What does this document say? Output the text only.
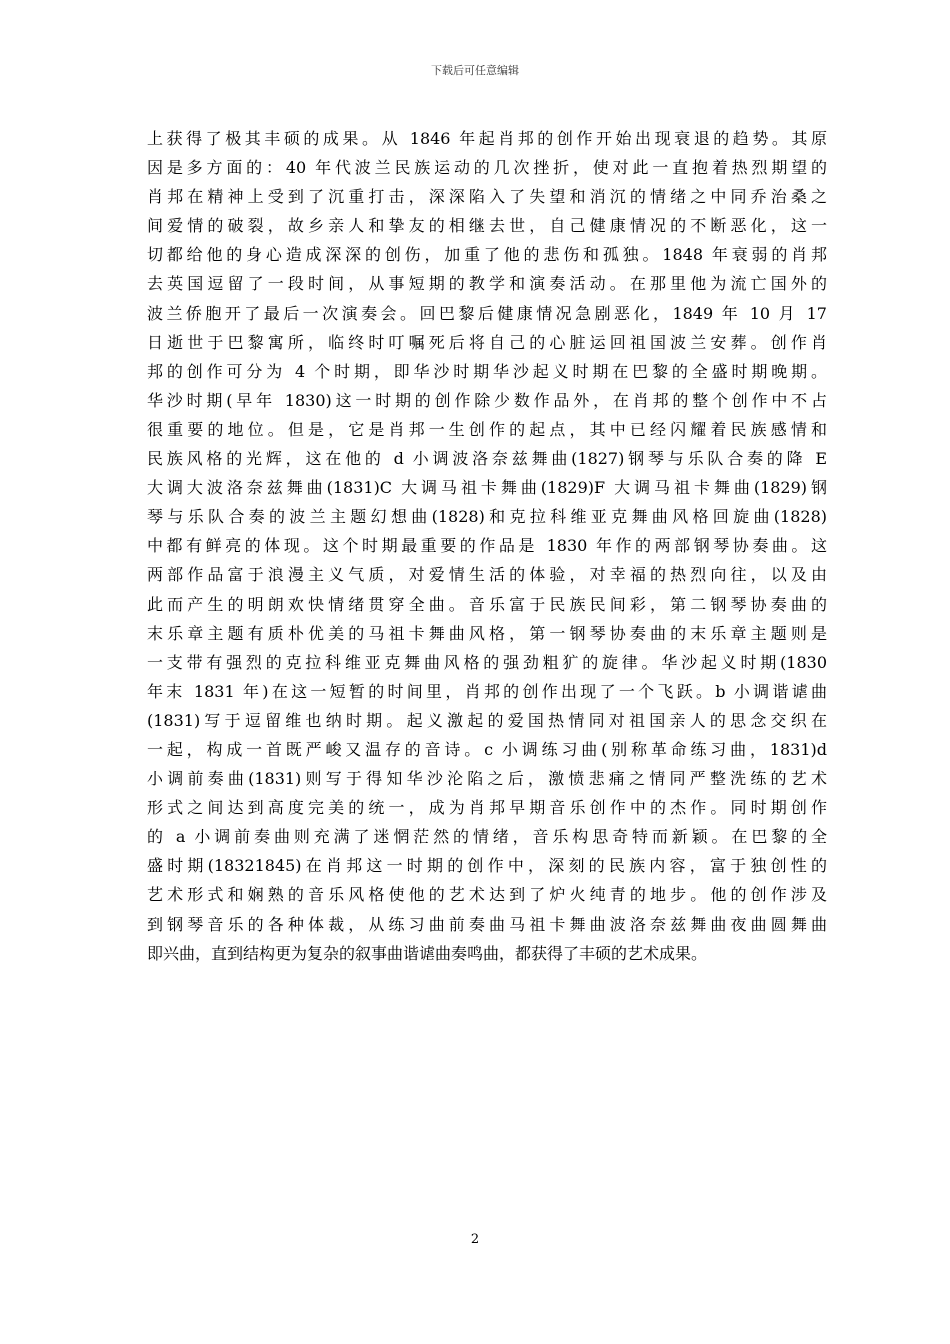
下载后可任意编辑
上获得了极其丰硕的成果。从 1846 年起肖邦的创作开始出现衰退的趋势。其原
因是多方面的：40 年代波兰民族运动的几次挫折，使对此一直抱着热烈期望的
肖邦在精神上受到了沉重打击，深深陷入了失望和消沉的情绪之中同乔治桑之
间爱情的破裂，故乡亲人和挚友的相继去世，自己健康情况的不断恶化，这一
切都给他的身心造成深深的创伤，加重了他的悲伤和孤独。1848 年衰弱的肖邦
去英国逗留了一段时间，从事短期的教学和演奏活动。在那里他为流亡国外的
波兰侨胞开了最后一次演奏会。回巴黎后健康情况急剧恶化，1849 年 10 月 17
日逝世于巴黎寓所，临终时叮嘱死后将自己的心脏运回祖国波兰安葬。创作肖
邦的创作可分为 4 个时期，即华沙时期华沙起义时期在巴黎的全盛时期晚期。
华沙时期(早年 1830)这一时期的创作除少数作品外，在肖邦的整个创作中不占
很重要的地位。但是，它是肖邦一生创作的起点，其中已经闪耀着民族感情和
民族风格的光辉，这在他的 d 小调波洛奈兹舞曲(1827)钢琴与乐队合奏的降 E
大调大波洛奈兹舞曲(1831)C 大调马祖卡舞曲(1829)F 大调马祖卡舞曲(1829)钢
琴与乐队合奏的波兰主题幻想曲(1828)和克拉科维亚克舞曲风格回旋曲(1828)
中都有鲜亮的体现。这个时期最重要的作品是 1830 年作的两部钢琴协奏曲。这
两部作品富于浪漫主义气质，对爱情生活的体验，对幸福的热烈向往，以及由
此而产生的明朗欢快情绪贯穿全曲。音乐富于民族民间彩，第二钢琴协奏曲的
末乐章主题有质朴优美的马祖卡舞曲风格，第一钢琴协奏曲的末乐章主题则是
一支带有强烈的克拉科维亚克舞曲风格的强劲粗犷的旋律。华沙起义时期(1830
年末 1831 年)在这一短暂的时间里，肖邦的创作出现了一个飞跃。b 小调谐谑曲
(1831)写于逗留维也纳时期。起义激起的爱国热情同对祖国亲人的思念交织在
一起，构成一首既严峻又温存的音诗。c 小调练习曲(别称革命练习曲，1831)d
小调前奏曲(1831)则写于得知华沙沦陷之后，激愤悲痛之情同严整洗练的艺术
形式之间达到高度完美的统一，成为肖邦早期音乐创作中的杰作。同时期创作
的 a 小调前奏曲则充满了迷惘茫然的情绪，音乐构思奇特而新颖。在巴黎的全
盛时期(18321845)在肖邦这一时期的创作中，深刻的民族内容，富于独创性的
艺术形式和娴熟的音乐风格使他的艺术达到了炉火纯青的地步。他的创作涉及
到钢琴音乐的各种体裁，从练习曲前奏曲马祖卡舞曲波洛奈兹舞曲夜曲圆舞曲
即兴曲，直到结构更为复杂的叙事曲谐谑曲奏鸣曲，都获得了丰硕的艺术成果。
2
